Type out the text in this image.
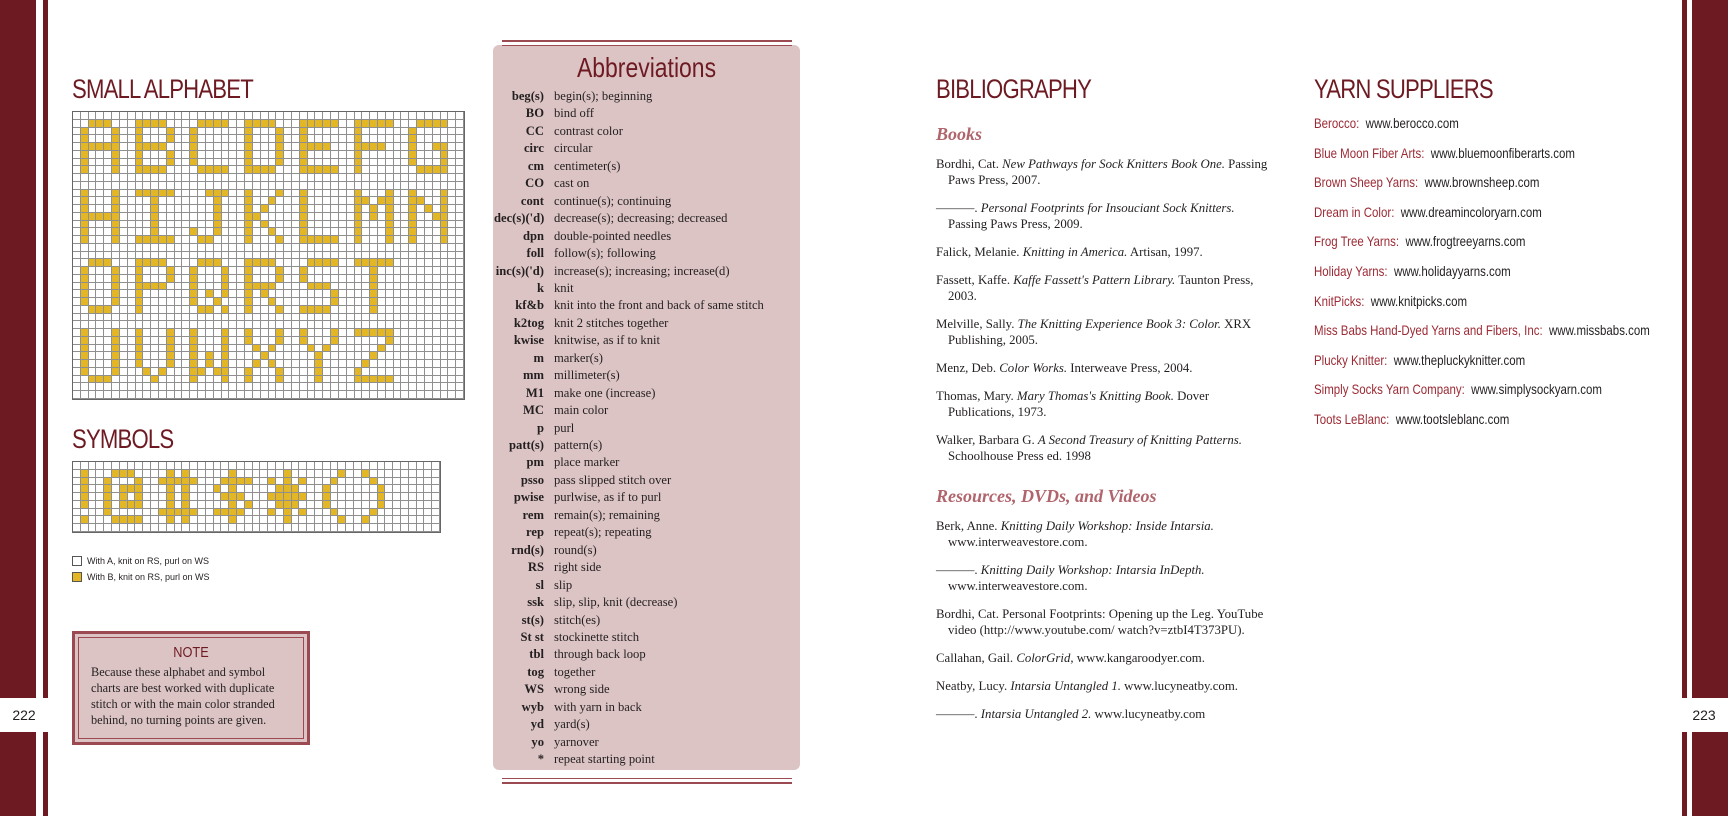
222	223
SMALL ALPHABET
SYMBOLS
With A, knit on RS, purl on WS
With B, knit on RS, purl on WS
NOTE

Because these alphabet and symbol charts are best worked with duplicate stitch or with the main color stranded behind, no turning points are given.

Abbreviations
beg(s) begin(s); beginning
BO bind off
CC contrast color
circ circular
cm centimeter(s)
CO cast on
cont continue(s); continuing
dec(s)('d) decrease(s); decreasing; decreased
dpn double-pointed needles
foll follow(s); following
inc(s)('d) increase(s); increasing; increase(d)
k knit
kf&b knit into the front and back of same stitch
k2tog knit 2 stitches together
kwise knitwise, as if to knit
m marker(s)
mm millimeter(s)
M1 make one (increase)
MC main color
p purl
patt(s) pattern(s)
pm place marker
psso pass slipped stitch over
pwise purlwise, as if to purl
rem remain(s); remaining
rep repeat(s); repeating
rnd(s) round(s)
RS right side
sl slip
ssk slip, slip, knit (decrease)
st(s) stitch(es)
St st stockinette stitch
tbl through back loop
tog together
WS wrong side
wyb with yarn in back
yd yard(s)
yo yarnover
* repeat starting point
BIBLIOGRAPHY
Books

Bordhi, Cat. New Pathways for Sock Knitters Book One. Passing Paws Press, 2007.

———. Personal Footprints for Insouciant Sock Knitters. Passing Paws Press, 2009.

Falick, Melanie. Knitting in America. Artisan, 1997.

Fassett, Kaffe. Kaffe Fassett's Pattern Library. Taunton Press, 2003.

Melville, Sally. The Knitting Experience Book 3: Color. XRX Publishing, 2005.

Menz, Deb. Color Works. Interweave Press, 2004.

Thomas, Mary. Mary Thomas's Knitting Book. Dover Publications, 1973.

Walker, Barbara G. A Second Treasury of Knitting Patterns. Schoolhouse Press ed. 1998

Resources, DVDs, and Videos

Berk, Anne. Knitting Daily Workshop: Inside Intarsia. www.interweavestore.com.

———. Knitting Daily Workshop: Intarsia InDepth. www.interweavestore.com.

Bordhi, Cat. Personal Footprints: Opening up the Leg. YouTube video (http://www.youtube.com/ watch?v=ztbI4T373PU).

Callahan, Gail. ColorGrid, www.kangaroodyer.com.

Neatby, Lucy. Intarsia Untangled 1. www.lucyneatby.com.

———. Intarsia Untangled 2. www.lucyneatby.com

YARN SUPPLIERS
Berocco: www.berocco.com
Blue Moon Fiber Arts: www.bluemoonfiberarts.com
Brown Sheep Yarns: www.brownsheep.com
Dream in Color: www.dreamincoloryarn.com
Frog Tree Yarns: www.frogtreeyarns.com
Holiday Yarns: www.holidayyarns.com
KnitPicks: www.knitpicks.com
Miss Babs Hand-Dyed Yarns and Fibers, Inc: www.missbabs.com
Plucky Knitter: www.thepluckyknitter.com
Simply Socks Yarn Company: www.simplysockyarn.com
Toots LeBlanc: www.tootsleblanc.com
